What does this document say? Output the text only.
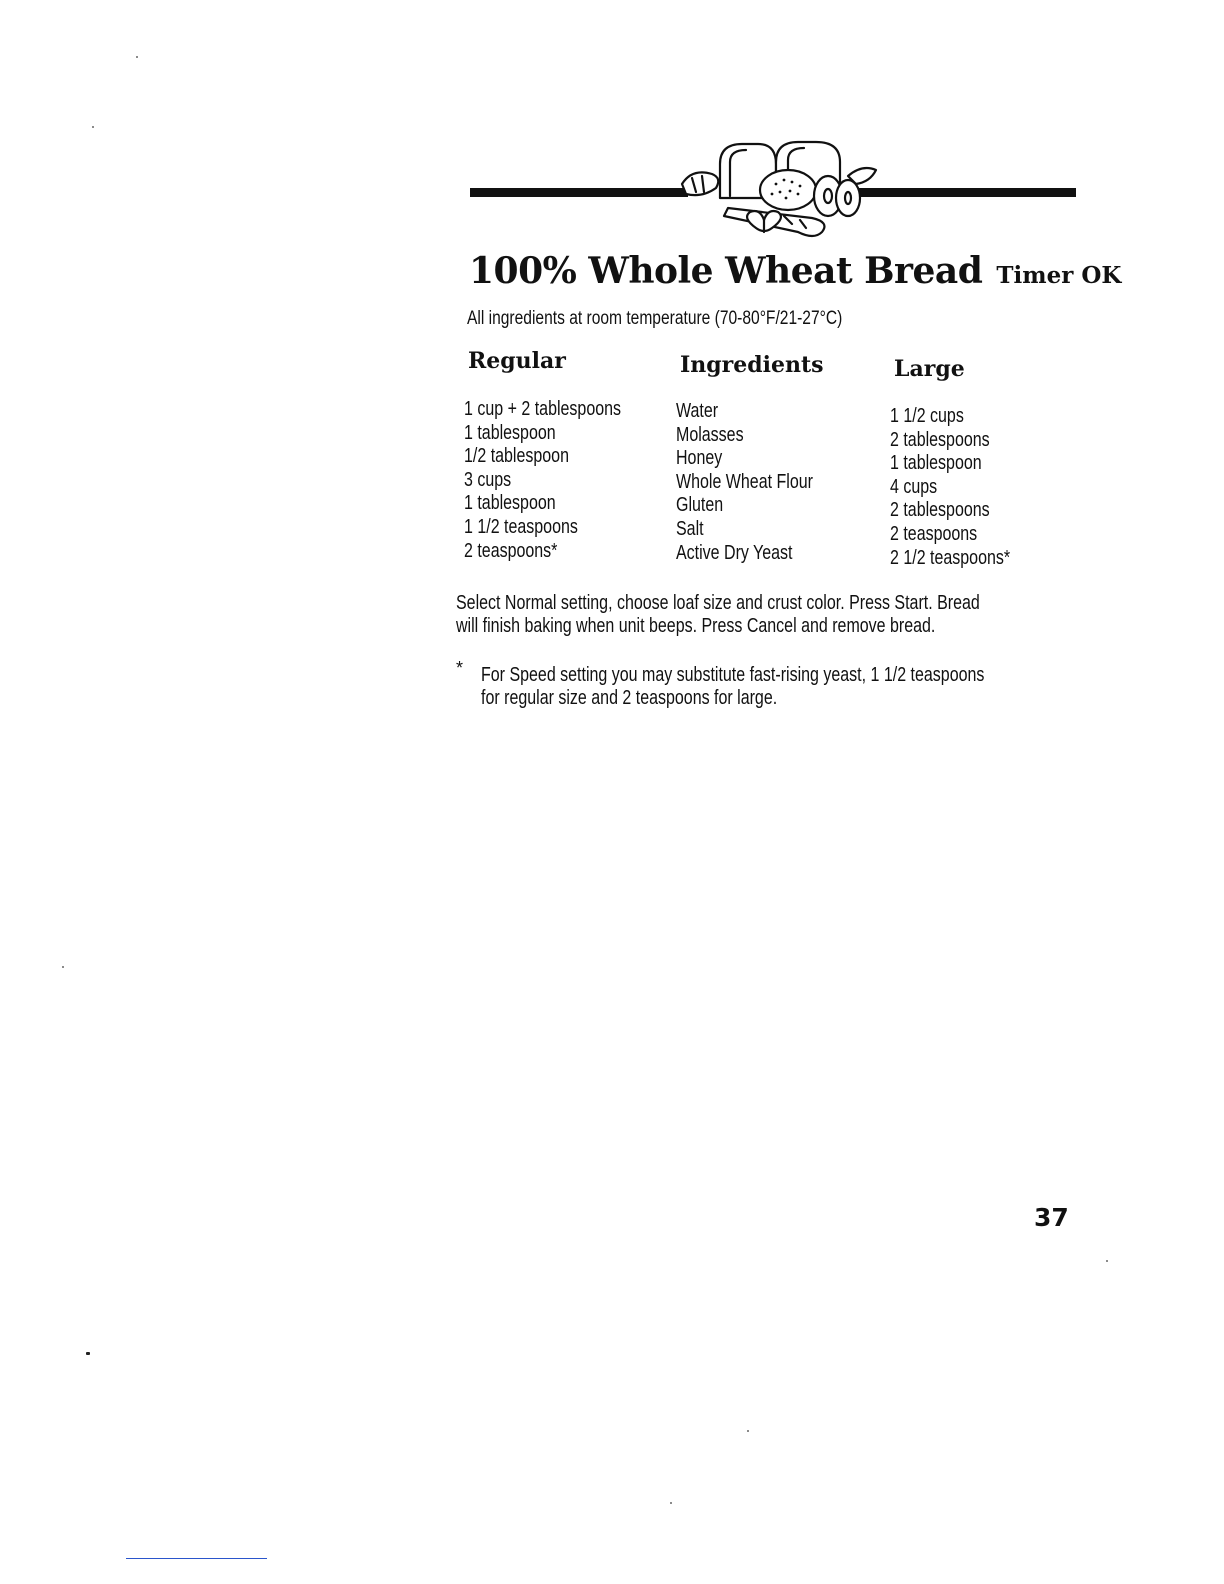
100% Whole Wheat Bread Timer OK
All ingredients at room temperature (70-80°F/21-27°C)
Regular	Ingredients	Large
1 cup + 2 tablespoons
1 tablespoon
1/2 tablespoon
3 cups
1 tablespoon
1 1/2 teaspoons
2 teaspoons*
Water
Molasses
Honey
Whole Wheat Flour
Gluten
Salt
Active Dry Yeast
1 1/2 cups
2 tablespoons
1 tablespoon
4 cups
2 tablespoons
2 teaspoons
2 1/2 teaspoons*
Select Normal setting, choose loaf size and crust color. Press Start. Bread
will finish baking when unit beeps. Press Cancel and remove bread.
* For Speed setting you may substitute fast-rising yeast, 1 1/2 teaspoons
for regular size and 2 teaspoons for large.
37
